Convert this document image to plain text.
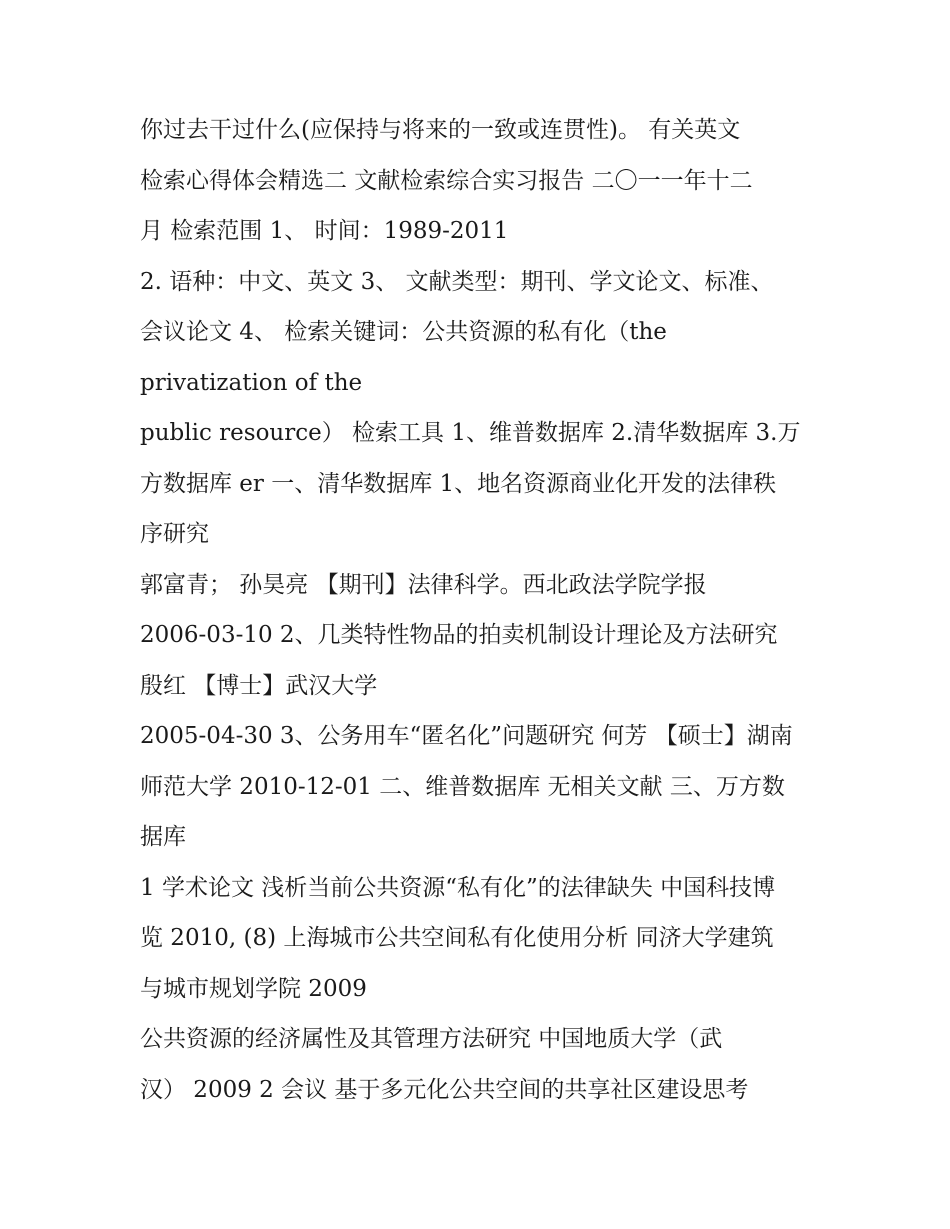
你过去干过什么(应保持与将来的一致或连贯性)。 有关英文
检索心得体会精选二 文献检索综合实习报告 二〇一一年十二
月 检索范围 1、 时间：1989-2011
2. 语种：中文、英文 3、 文献类型：期刊、学文论文、标准、
会议论文 4、 检索关键词：公共资源的私有化（the
privatization of the
public resource） 检索工具 1、维普数据库 2.清华数据库 3.万
方数据库 er 一、清华数据库 1、地名资源商业化开发的法律秩
序研究
郭富青； 孙昊亮 【期刊】法律科学。西北政法学院学报
2006-03-10 2、几类特性物品的拍卖机制设计理论及方法研究
殷红 【博士】武汉大学
2005-04-30 3、公务用车“匿名化”问题研究 何芳 【硕士】湖南
师范大学 2010-12-01 二、维普数据库 无相关文献 三、万方数
据库
1 学术论文 浅析当前公共资源“私有化”的法律缺失 中国科技博
览 2010, (8) 上海城市公共空间私有化使用分析 同济大学建筑
与城市规划学院 2009
公共资源的经济属性及其管理方法研究 中国地质大学（武
汉） 2009 2 会议 基于多元化公共空间的共享社区建设思考
